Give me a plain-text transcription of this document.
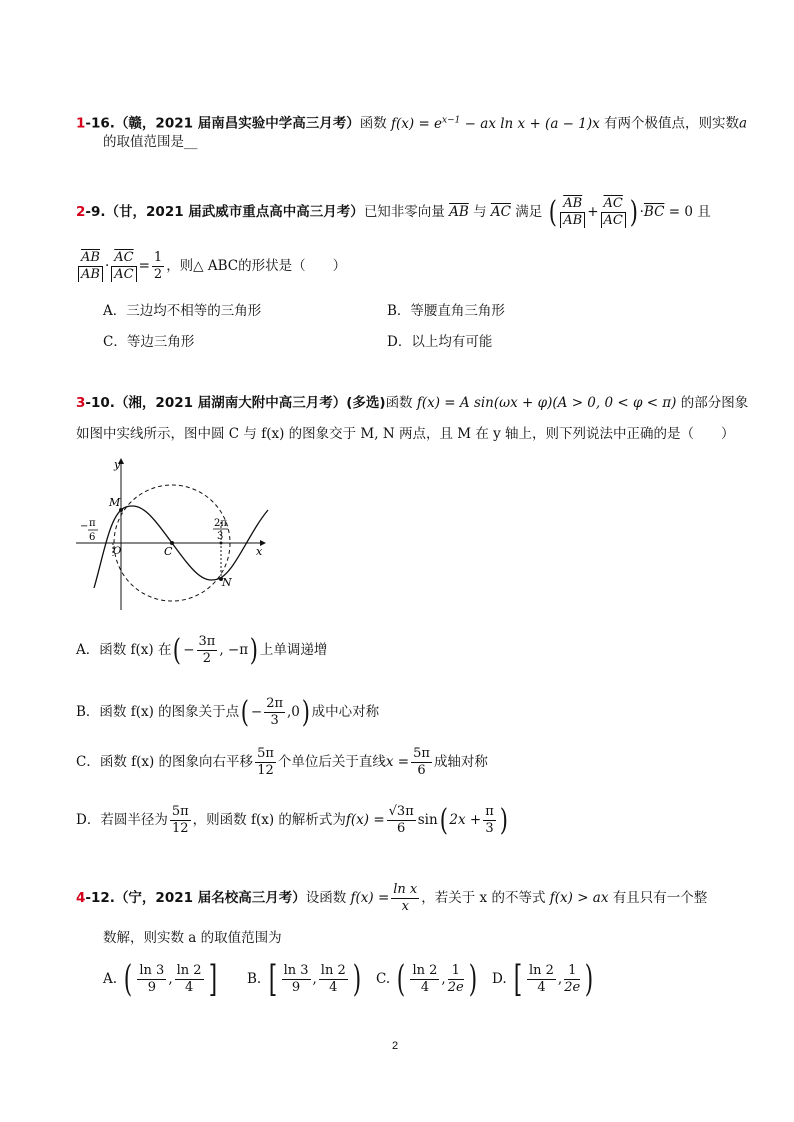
1-16.（赣，2021 届南昌实验中学高三月考）函数 $f(x) = e^{x-1}$ − ax ln x + (a − 1)x 有两个极值点，则实数a
的取值范围是__
2-9.（甘，2021 届武威市重点高中高三月考）已知非零向量 $\overline{AB}$ 与 $\overline{AC}$ 满足 ( $\frac{\overline{AB}}{AB} + \frac{\overline{AC}}{AC}$ ) $\cdot\overline{BC} = 0$ 且
$\frac{\overline{AB}}{AB} \cdot \frac{\overline{AC}}{AC} = \frac{1}{2}$ ，则△ ABC的形状是（　　）
A．三边均不相等的三角形	B．等腰直角三角形
C．等边三角形	D．以上均有可能
3-10.（湘，2021 届湖南大附中高三月考）(多选)函数 f(x) = A sin(ωx + φ)(A > 0, 0 < φ < π) 的部分图象
如图中实线所示，图中圆 C 与 f(x) 的图象交于 M, N 两点，且 M 在 y 轴上，则下列说法中正确的是（　　）
y
x
M
N
O	C
− π
6
2π
3
A．函数 f(x) 在( − $\frac{3\pi}{2}$ , −π) 上单调递增
B．函数 f(x) 的图象关于点( − $\frac{2\pi}{3} ,0$) 成中心对称
C．函数 f(x) 的图象向右平移 $\frac{5\pi}{12}$ 个单位后关于直线$x = \frac{5\pi}{6}$ 成轴对称
D．若圆半径为 $\frac{5\pi}{12}$ ，则函数 f(x) 的解析式为$f(x) = \frac{√3\pi}{6} \sin$( $2x + \frac{\pi}{3}$ )
4-12.（宁，2021 届名校高三月考）设函数 $f(x) = \frac{\text{ln x}}{x}$ ，若关于 x 的不等式 f(x) > ax 有且只有一个整
数解，则实数 a 的取值范围为
A. ( $\frac{\ln 3}{9}$ , $\frac{\ln 2}{4}$ ] B. [ $\frac{\ln 3}{9}$ , $\frac{\ln 2}{4}$ ) C. ( $\frac{\ln 2}{4}$ , $\frac{1}{2e}$ ) D. [ $\frac{\ln 2}{4}$ , $\frac{1}{2e}$ )
2
